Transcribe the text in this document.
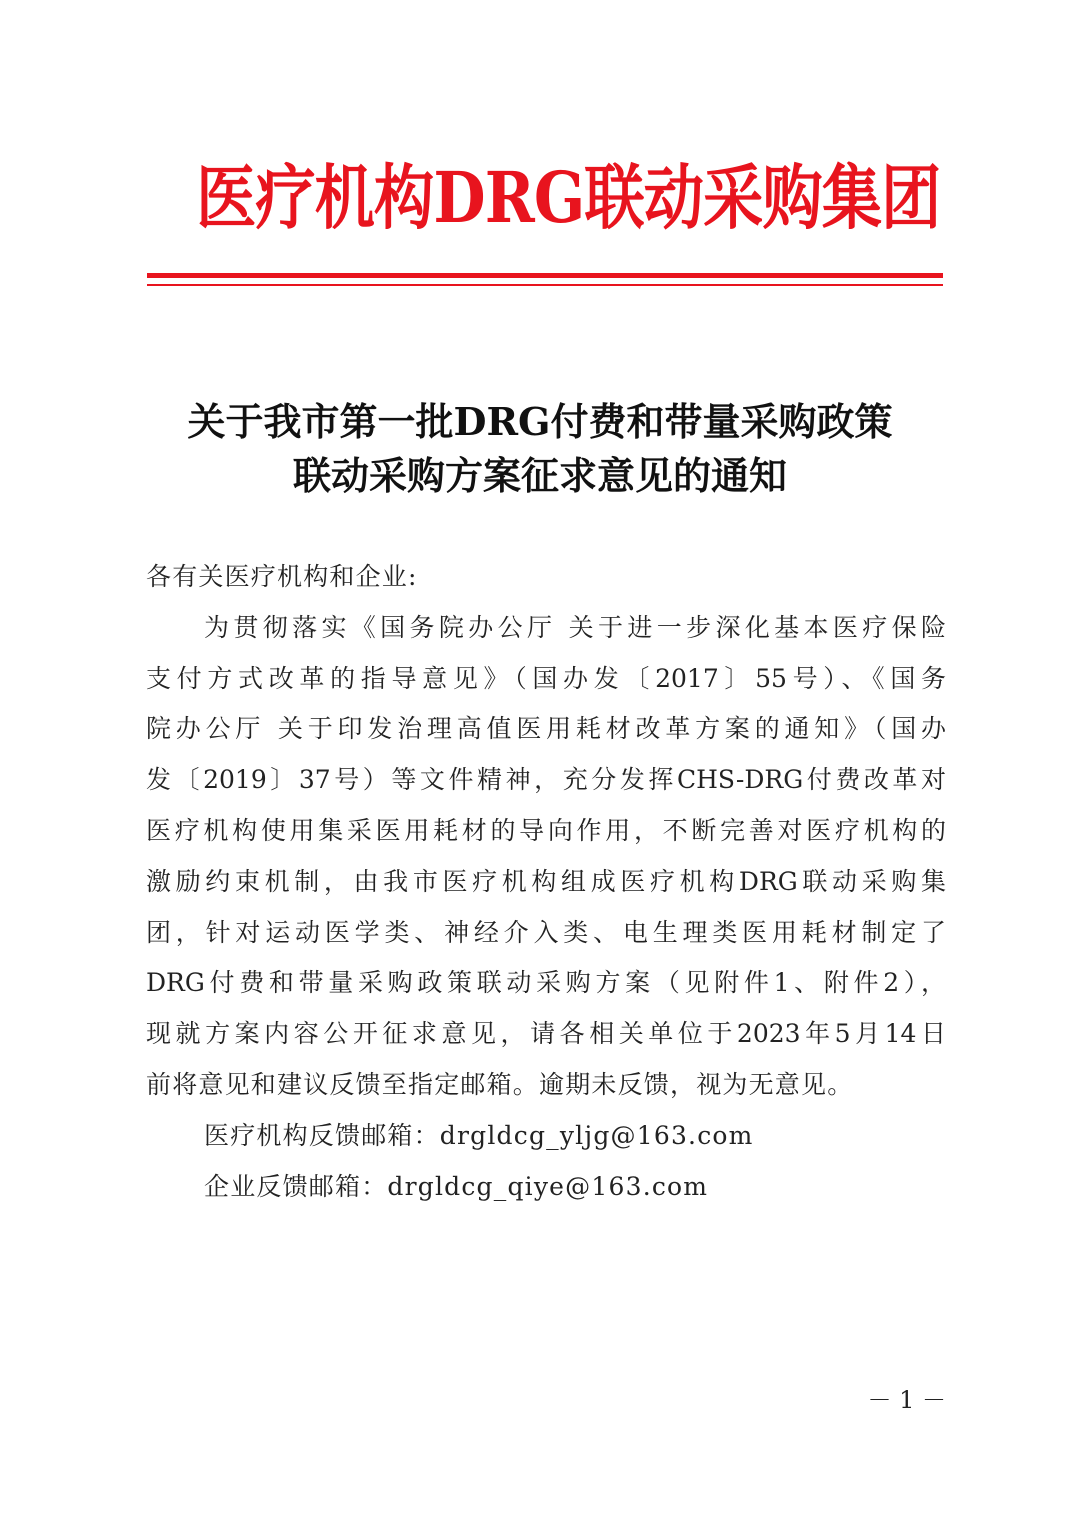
医疗机构DRG联动采购集团
关于我市第一批DRG付费和带量采购政策
联动采购方案征求意见的通知
各有关医疗机构和企业:
为贯彻落实《国务院办公厅 关于进一步深化基本医疗保险
支付方式改革的指导意见》（国办发〔2017〕55号）、《国务
院办公厅 关于印发治理高值医用耗材改革方案的通知》（国办
发〔2019〕37号）等文件精神，充分发挥CHS-DRG付费改革对
医疗机构使用集采医用耗材的导向作用，不断完善对医疗机构的
激励约束机制，由我市医疗机构组成医疗机构DRG联动采购集
团，针对运动医学类、神经介入类、电生理类医用耗材制定了
DRG付费和带量采购政策联动采购方案（见附件1、附件2），
现就方案内容公开征求意见，请各相关单位于2023年5月14日
前将意见和建议反馈至指定邮箱。逾期未反馈，视为无意见。
医疗机构反馈邮箱：drgldcg_yljg@163.com
企业反馈邮箱：drgldcg_qiye@163.com
－ 1 －
